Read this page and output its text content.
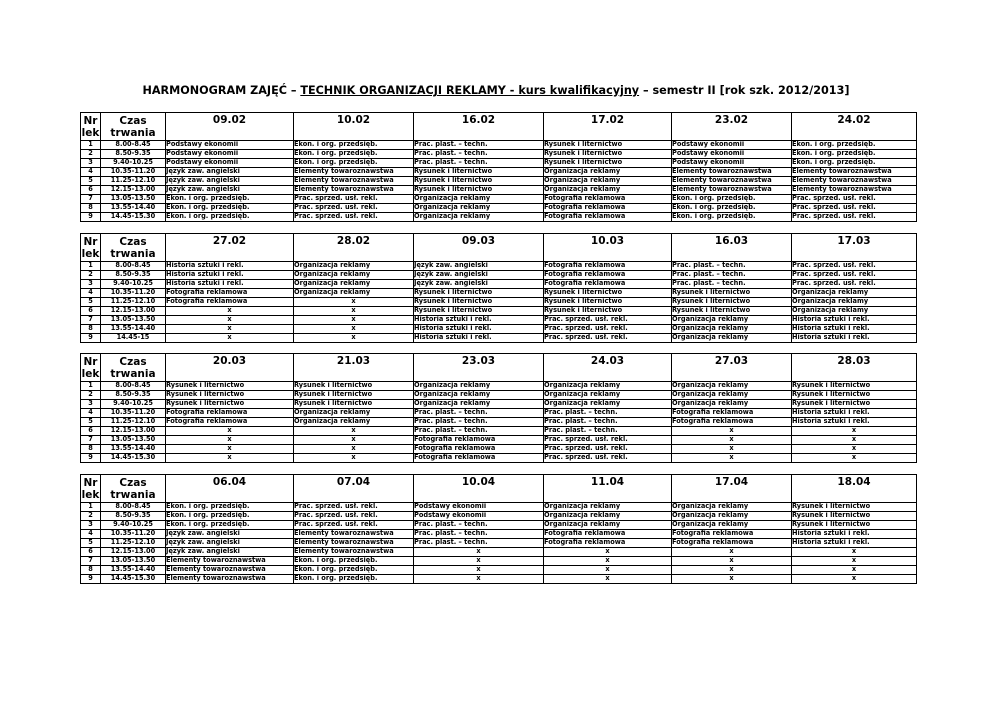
HARMONOGRAM ZAJĘĆ – TECHNIK ORGANIZACJI REKLAMY - kurs kwalifikacyjny – semestr II [rok szk. 2012/2013]
Nr lek	Czas trwania	09.02	10.02	16.02	17.02	23.02	24.02
1	8.00-8.45	Podstawy ekonomii	Ekon. i org. przedsięb.	Prac. plast. – techn.	Rysunek i liternictwo	Podstawy ekonomii	Ekon. i org. przedsięb.
2	8.50-9.35	Podstawy ekonomii	Ekon. i org. przedsięb.	Prac. plast. – techn.	Rysunek i liternictwo	Podstawy ekonomii	Ekon. i org. przedsięb.
3	9.40-10.25	Podstawy ekonomii	Ekon. i org. przedsięb.	Prac. plast. – techn.	Rysunek i liternictwo	Podstawy ekonomii	Ekon. i org. przedsięb.
4	10.35-11.20	Język zaw. angielski	Elementy towaroznawstwa	Rysunek i liternictwo	Organizacja reklamy	Elementy towaroznawstwa	Elementy towaroznawstwa
5	11.25-12.10	Język zaw. angielski	Elementy towaroznawstwa	Rysunek i liternictwo	Organizacja reklamy	Elementy towaroznawstwa	Elementy towaroznawstwa
6	12.15-13.00	Język zaw. angielski	Elementy towaroznawstwa	Rysunek i liternictwo	Organizacja reklamy	Elementy towaroznawstwa	Elementy towaroznawstwa
7	13.05-13.50	Ekon. i org. przedsięb.	Prac. sprzed. usł. rekl.	Organizacja reklamy	Fotografia reklamowa	Ekon. i org. przedsięb.	Prac. sprzed. usł. rekl.
8	13.55-14.40	Ekon. i org. przedsięb.	Prac. sprzed. usł. rekl.	Organizacja reklamy	Fotografia reklamowa	Ekon. i org. przedsięb.	Prac. sprzed. usł. rekl.
9	14.45-15.30	Ekon. i org. przedsięb.	Prac. sprzed. usł. rekl.	Organizacja reklamy	Fotografia reklamowa	Ekon. i org. przedsięb.	Prac. sprzed. usł. rekl.
Nr lek	Czas trwania	27.02	28.02	09.03	10.03	16.03	17.03
1	8.00-8.45	Historia sztuki i rekl.	Organizacja reklamy	Język zaw. angielski	Fotografia reklamowa	Prac. plast. – techn.	Prac. sprzed. usł. rekl.
2	8.50-9.35	Historia sztuki i rekl.	Organizacja reklamy	Język zaw. angielski	Fotografia reklamowa	Prac. plast. – techn.	Prac. sprzed. usł. rekl.
3	9.40-10.25	Historia sztuki i rekl.	Organizacja reklamy	Język zaw. angielski	Fotografia reklamowa	Prac. plast. – techn.	Prac. sprzed. usł. rekl.
4	10.35-11.20	Fotografia reklamowa	Organizacja reklamy	Rysunek i liternictwo	Rysunek i liternictwo	Rysunek i liternictwo	Organizacja reklamy
5	11.25-12.10	Fotografia reklamowa	x	Rysunek i liternictwo	Rysunek i liternictwo	Rysunek i liternictwo	Organizacja reklamy
6	12.15-13.00	x	x	Rysunek i liternictwo	Rysunek i liternictwo	Rysunek i liternictwo	Organizacja reklamy
7	13.05-13.50	x	x	Historia sztuki i rekl.	Prac. sprzed. usł. rekl.	Organizacja reklamy	Historia sztuki i rekl.
8	13.55-14.40	x	x	Historia sztuki i rekl.	Prac. sprzed. usł. rekl.	Organizacja reklamy	Historia sztuki i rekl.
9	14.45-15	x	x	Historia sztuki i rekl.	Prac. sprzed. usł. rekl.	Organizacja reklamy	Historia sztuki i rekl.
Nr lek	Czas trwania	20.03	21.03	23.03	24.03	27.03	28.03
1	8.00-8.45	Rysunek i liternictwo	Rysunek i liternictwo	Organizacja reklamy	Organizacja reklamy	Organizacja reklamy	Rysunek i liternictwo
2	8.50-9.35	Rysunek i liternictwo	Rysunek i liternictwo	Organizacja reklamy	Organizacja reklamy	Organizacja reklamy	Rysunek i liternictwo
3	9.40-10.25	Rysunek i liternictwo	Rysunek i liternictwo	Organizacja reklamy	Organizacja reklamy	Organizacja reklamy	Rysunek i liternictwo
4	10.35-11.20	Fotografia reklamowa	Organizacja reklamy	Prac. plast. – techn.	Prac. plast. – techn.	Fotografia reklamowa	Historia sztuki i rekl.
5	11.25-12.10	Fotografia reklamowa	Organizacja reklamy	Prac. plast. – techn.	Prac. plast. – techn.	Fotografia reklamowa	Historia sztuki i rekl.
6	12.15-13.00	x	x	Prac. plast. – techn.	Prac. plast. – techn.	x	x
7	13.05-13.50	x	x	Fotografia reklamowa	Prac. sprzed. usł. rekl.	x	x
8	13.55-14.40	x	x	Fotografia reklamowa	Prac. sprzed. usł. rekl.	x	x
9	14.45-15.30	x	x	Fotografia reklamowa	Prac. sprzed. usł. rekl.	x	x
Nr lek	Czas trwania	06.04	07.04	10.04	11.04	17.04	18.04
1	8.00-8.45	Ekon. i org. przedsięb.	Prac. sprzed. usł. rekl.	Podstawy ekonomii	Organizacja reklamy	Organizacja reklamy	Rysunek i liternictwo
2	8.50-9.35	Ekon. i org. przedsięb.	Prac. sprzed. usł. rekl.	Podstawy ekonomii	Organizacja reklamy	Organizacja reklamy	Rysunek i liternictwo
3	9.40-10.25	Ekon. i org. przedsięb.	Prac. sprzed. usł. rekl.	Prac. plast. – techn.	Organizacja reklamy	Organizacja reklamy	Rysunek i liternictwo
4	10.35-11.20	Język zaw. angielski	Elementy towaroznawstwa	Prac. plast. – techn.	Fotografia reklamowa	Fotografia reklamowa	Historia sztuki i rekl.
5	11.25-12.10	Język zaw. angielski	Elementy towaroznawstwa	Prac. plast. – techn.	Fotografia reklamowa	Fotografia reklamowa	Historia sztuki i rekl.
6	12.15-13.00	Język zaw. angielski	Elementy towaroznawstwa	x	x	x	x
7	13.05-13.50	Elementy towaroznawstwa	Ekon. i org. przedsięb.	x	x	x	x
8	13.55-14.40	Elementy towaroznawstwa	Ekon. i org. przedsięb.	x	x	x	x
9	14.45-15.30	Elementy towaroznawstwa	Ekon. i org. przedsięb.	x	x	x	x
